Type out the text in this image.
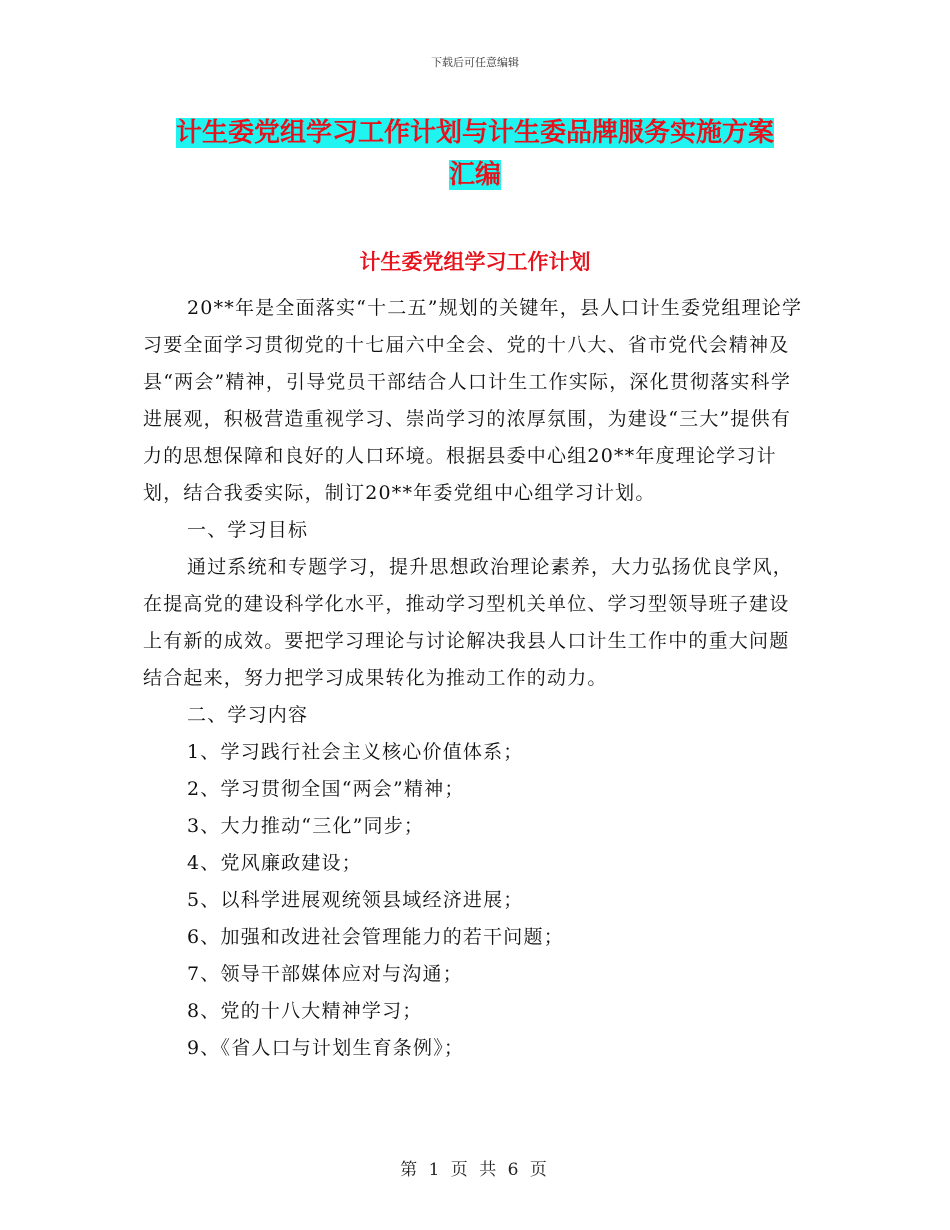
下载后可任意编辑
计生委党组学习工作计划与计生委品牌服务实施方案
汇编
计生委党组学习工作计划

20**年是全面落实“十二五”规划的关键年，县人口计生委党组理论学习要全面学习贯彻党的十七届六中全会、党的十八大、省市党代会精神及县“两会”精神，引导党员干部结合人口计生工作实际，深化贯彻落实科学进展观，积极营造重视学习、崇尚学习的浓厚氛围，为建设“三大”提供有力的思想保障和良好的人口环境。根据县委中心组20**年度理论学习计划，结合我委实际，制订20**年委党组中心组学习计划。

一、学习目标

通过系统和专题学习，提升思想政治理论素养，大力弘扬优良学风，在提高党的建设科学化水平，推动学习型机关单位、学习型领导班子建设上有新的成效。要把学习理论与讨论解决我县人口计生工作中的重大问题结合起来，努力把学习成果转化为推动工作的动力。

二、学习内容

1、学习践行社会主义核心价值体系；

2、学习贯彻全国“两会”精神；

3、大力推动“三化”同步；

4、党风廉政建设；

5、以科学进展观统领县域经济进展；

6、加强和改进社会管理能力的若干问题；

7、领导干部媒体应对与沟通；

8、党的十八大精神学习；

9、《省人口与计划生育条例》；

第 1 页 共 6 页
